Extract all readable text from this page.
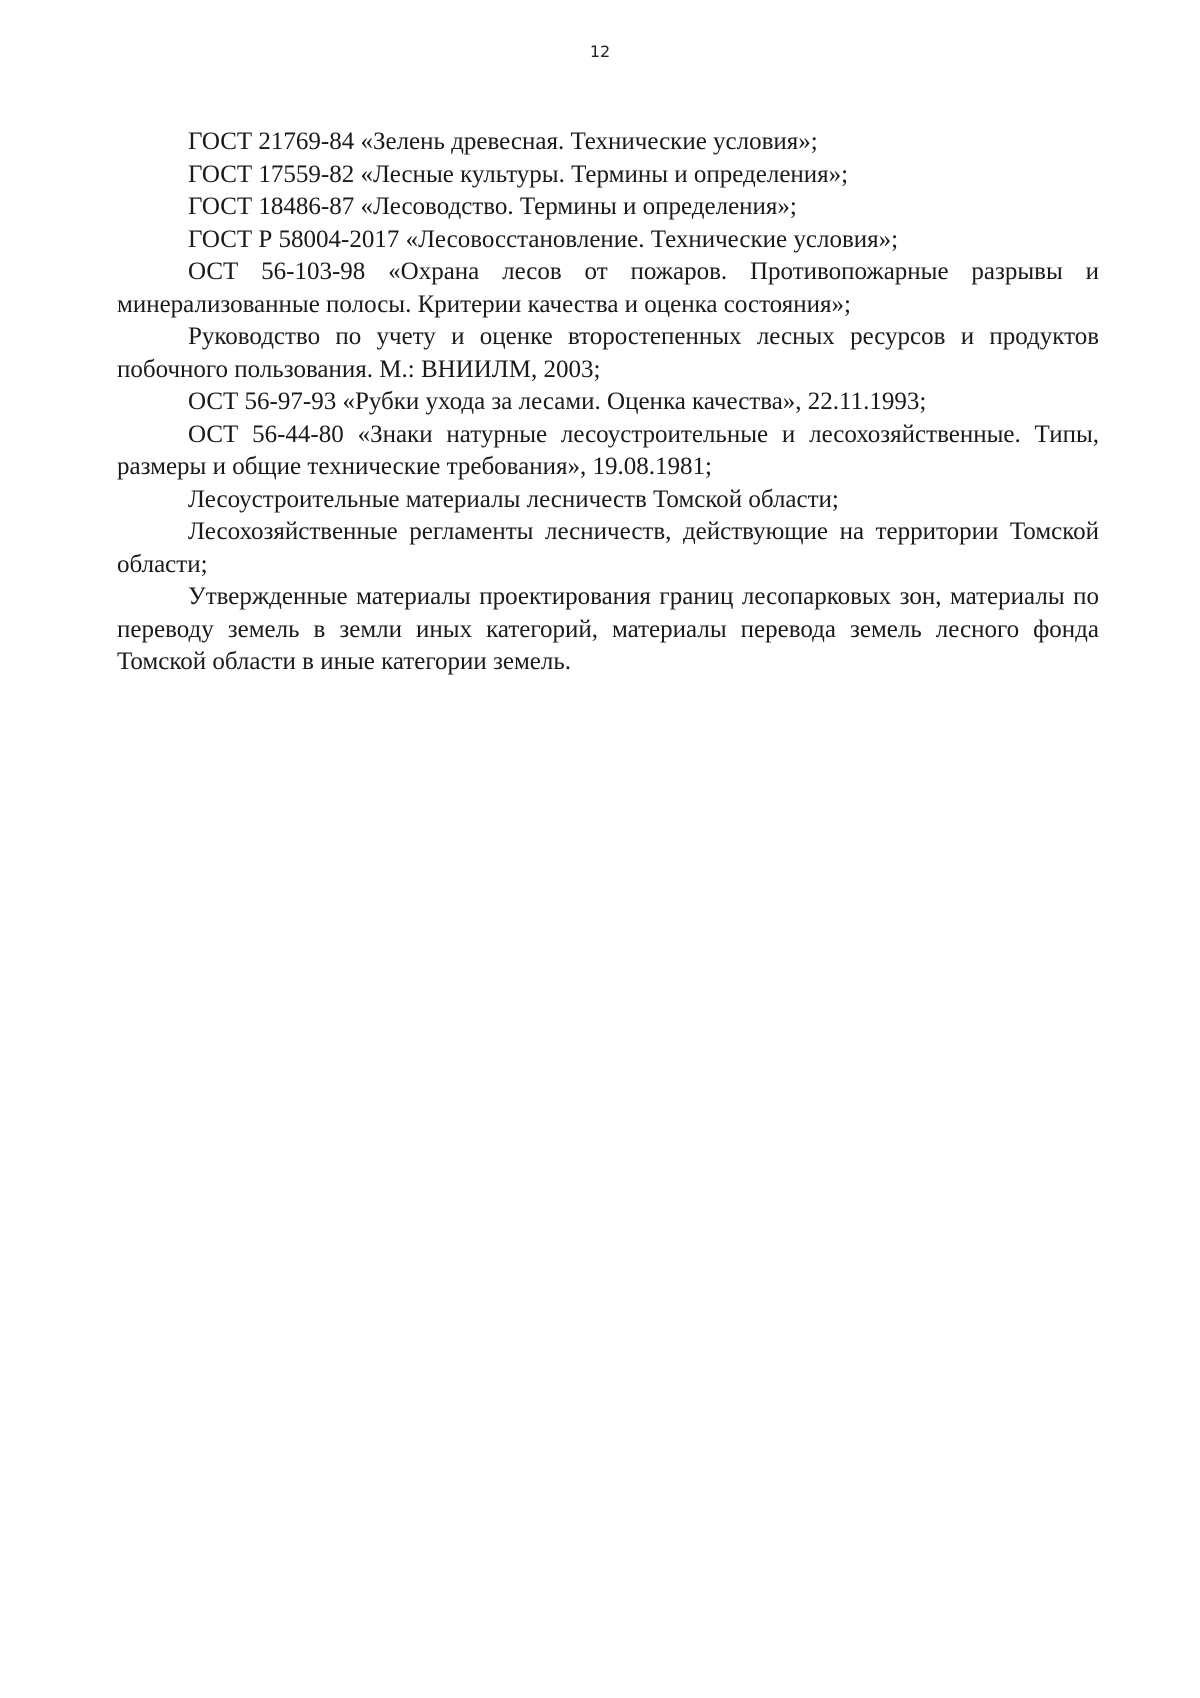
12

ГОСТ 21769-84 «Зелень древесная. Технические условия»;

ГОСТ 17559-82 «Лесные культуры. Термины и определения»;

ГОСТ 18486-87 «Лесоводство. Термины и определения»;

ГОСТ Р 58004-2017 «Лесовосстановление. Технические условия»;

ОСТ 56-103-98 «Охрана лесов от пожаров. Противопожарные разрывы и минерализованные полосы. Критерии качества и оценка состояния»;

Руководство по учету и оценке второстепенных лесных ресурсов и продуктов побочного пользования. М.: ВНИИЛМ, 2003;

ОСТ 56-97-93 «Рубки ухода за лесами. Оценка качества», 22.11.1993;

ОСТ 56-44-80 «Знаки натурные лесоустроительные и лесохозяйственные. Типы, размеры и общие технические требования», 19.08.1981;

Лесоустроительные материалы лесничеств Томской области;

Лесохозяйственные регламенты лесничеств, действующие на территории Томской области;

Утвержденные материалы проектирования границ лесопарковых зон, материалы по переводу земель в земли иных категорий, материалы перевода земель лесного фонда Томской области в иные категории земель.
